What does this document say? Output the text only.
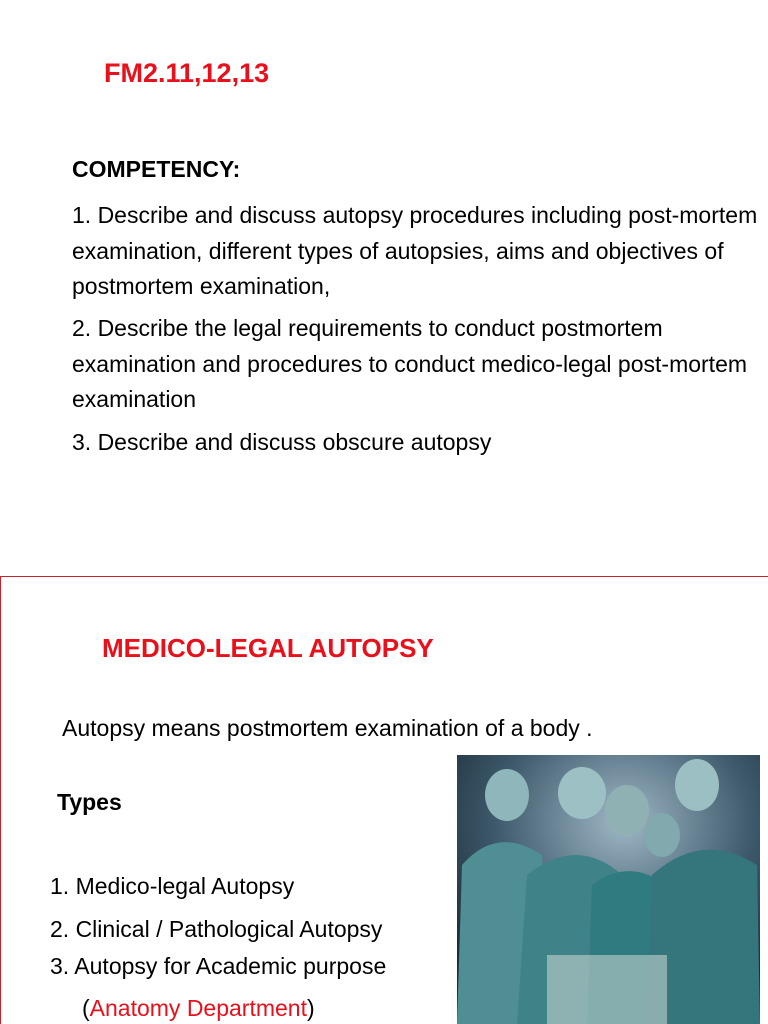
FM2.11,12,13
COMPETENCY:
1. Describe and discuss autopsy procedures including post-mortem examination, different types of autopsies, aims and objectives of postmortem examination,
2. Describe the legal requirements to conduct postmortem examination and procedures to conduct medico-legal post-mortem examination
3. Describe and discuss obscure autopsy
MEDICO-LEGAL AUTOPSY
Autopsy means postmortem examination of a body .
Types
1. Medico-legal Autopsy
2. Clinical / Pathological Autopsy
3. Autopsy for Academic purpose
(Anatomy Department)
